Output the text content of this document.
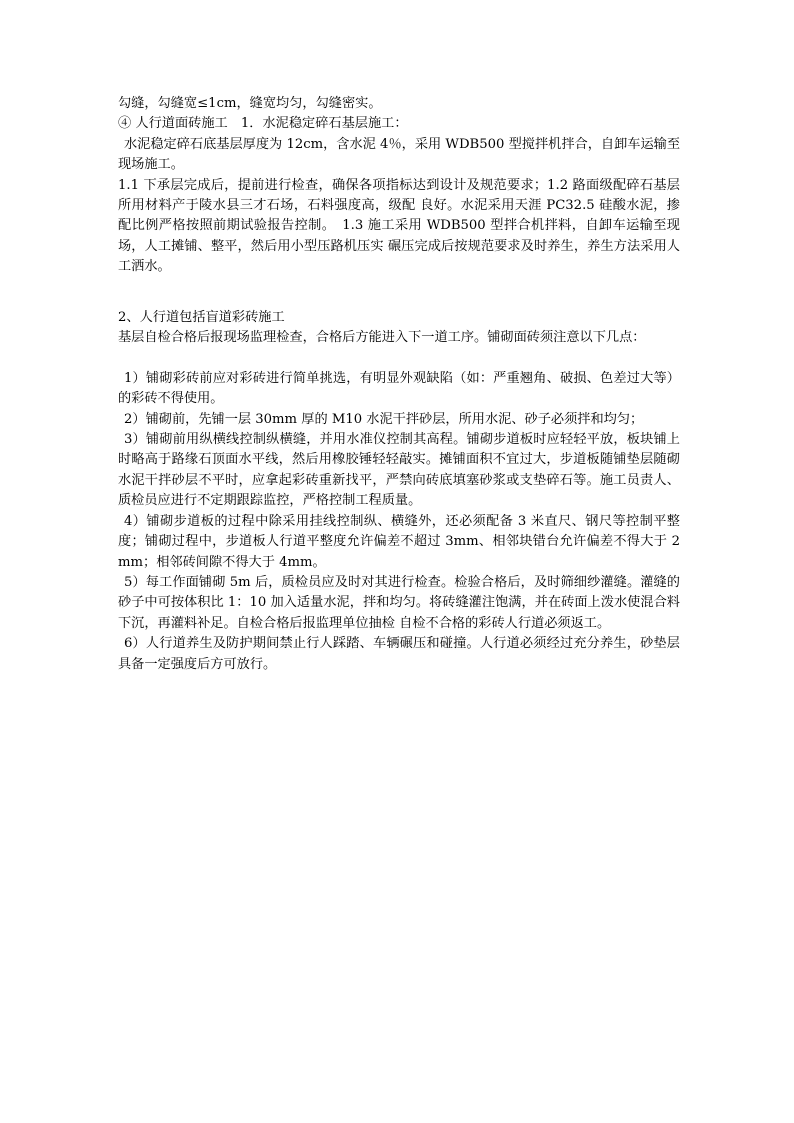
勾缝，勾缝宽≤1cm，缝宽均匀，勾缝密实。

④ 人行道面砖施工　1．水泥稳定碎石基层施工：

水泥稳定碎石底基层厚度为 12cm，含水泥 4％，采用 WDB500 型搅拌机拌合，自卸车运输至现场施工。

1.1 下承层完成后，提前进行检查，确保各项指标达到设计及规范要求；1.2 路面级配碎石基层所用材料产于陵水县三才石场，石料强度高，级配 良好。水泥采用天涯 PC32.5 硅酸水泥，掺配比例严格按照前期试验报告控制。　1.3 施工采用 WDB500 型拌合机拌料，自卸车运输至现场，人工摊铺、整平，然后用小型压路机压实 碾压完成后按规范要求及时养生，养生方法采用人工洒水。

2、人行道包括盲道彩砖施工

基层自检合格后报现场监理检查，合格后方能进入下一道工序。铺砌面砖须注意以下几点：

1）铺砌彩砖前应对彩砖进行简单挑选，有明显外观缺陷（如：严重翘角、破损、色差过大等）的彩砖不得使用。

2）铺砌前，先铺一层 30mm 厚的 M10 水泥干拌砂层，所用水泥、砂子必须拌和均匀；

3）铺砌前用纵横线控制纵横缝，并用水准仪控制其高程。铺砌步道板时应轻轻平放，板块铺上时略高于路缘石顶面水平线，然后用橡胶锤轻轻敲实。摊铺面积不宜过大，步道板随铺垫层随砌 水泥干拌砂层不平时，应拿起彩砖重新找平，严禁向砖底填塞砂浆或支垫碎石等。施工员责人、质检员应进行不定期跟踪监控，严格控制工程质量。

4）铺砌步道板的过程中除采用挂线控制纵、横缝外，还必须配备 3 米直尺、钢尺等控制平整度；铺砌过程中，步道板人行道平整度允许偏差不超过 3mm、相邻块错台允许偏差不得大于 2 mm；相邻砖间隙不得大于 4mm。

5）每工作面铺砌 5m 后，质检员应及时对其进行检查。检验合格后，及时筛细纱灌缝。灌缝的砂子中可按体积比 1：10 加入适量水泥，拌和均匀。将砖缝灌注饱满，并在砖面上泼水使混合料下沉，再灌料补足。自检合格后报监理单位抽检 自检不合格的彩砖人行道必须返工。

6）人行道养生及防护期间禁止行人踩踏、车辆碾压和碰撞。人行道必须经过充分养生，砂垫层具备一定强度后方可放行。
